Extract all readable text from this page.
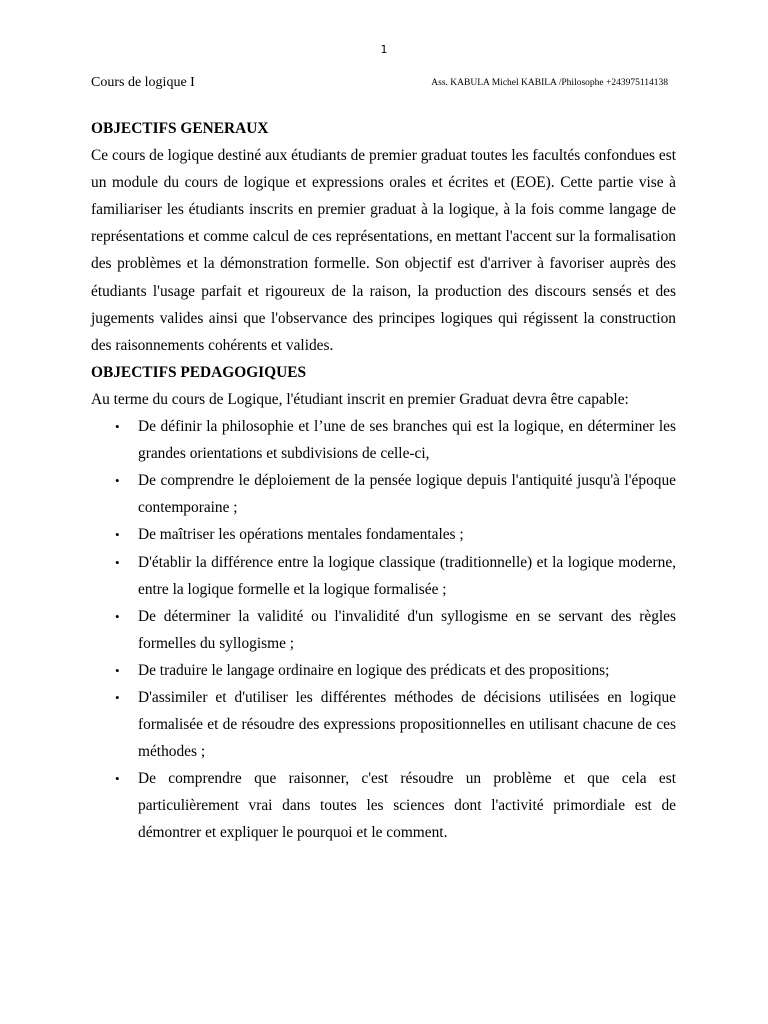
1
Cours de logique I	Ass. KABULA Michel KABILA /Philosophe +243975114138

OBJECTIFS GENERAUX

Ce cours de logique destiné aux étudiants de premier graduat toutes les facultés confondues est un module du cours de logique et expressions orales et écrites et (EOE). Cette partie vise à familiariser les étudiants inscrits en premier graduat à la logique, à la fois comme langage de représentations et comme calcul de ces représentations, en mettant l'accent sur la formalisation des problèmes et la démonstration formelle. Son objectif est d'arriver à favoriser auprès des étudiants l'usage parfait et rigoureux de la raison, la production des discours sensés et des jugements valides ainsi que l'observance des principes logiques qui régissent la construction des raisonnements cohérents et valides.

OBJECTIFS PEDAGOGIQUES

Au terme du cours de Logique, l'étudiant inscrit en premier Graduat devra être capable:

• De définir la philosophie et l’une de ses branches qui est la logique, en déterminer les grandes orientations et subdivisions de celle-ci,
• De comprendre le déploiement de la pensée logique depuis l'antiquité jusqu'à l'époque contemporaine ;
• De maîtriser les opérations mentales fondamentales ;
• D'établir la différence entre la logique classique (traditionnelle) et la logique moderne, entre la logique formelle et la logique formalisée ;
• De déterminer la validité ou l'invalidité d'un syllogisme en se servant des règles formelles du syllogisme ;
• De traduire le langage ordinaire en logique des prédicats et des propositions;
• D'assimiler et d'utiliser les différentes méthodes de décisions utilisées en logique formalisée et de résoudre des expressions propositionnelles en utilisant chacune de ces méthodes ;
• De comprendre que raisonner, c'est résoudre un problème et que cela est particulièrement vrai dans toutes les sciences dont l'activité primordiale est de démontrer et expliquer le pourquoi et le comment.
